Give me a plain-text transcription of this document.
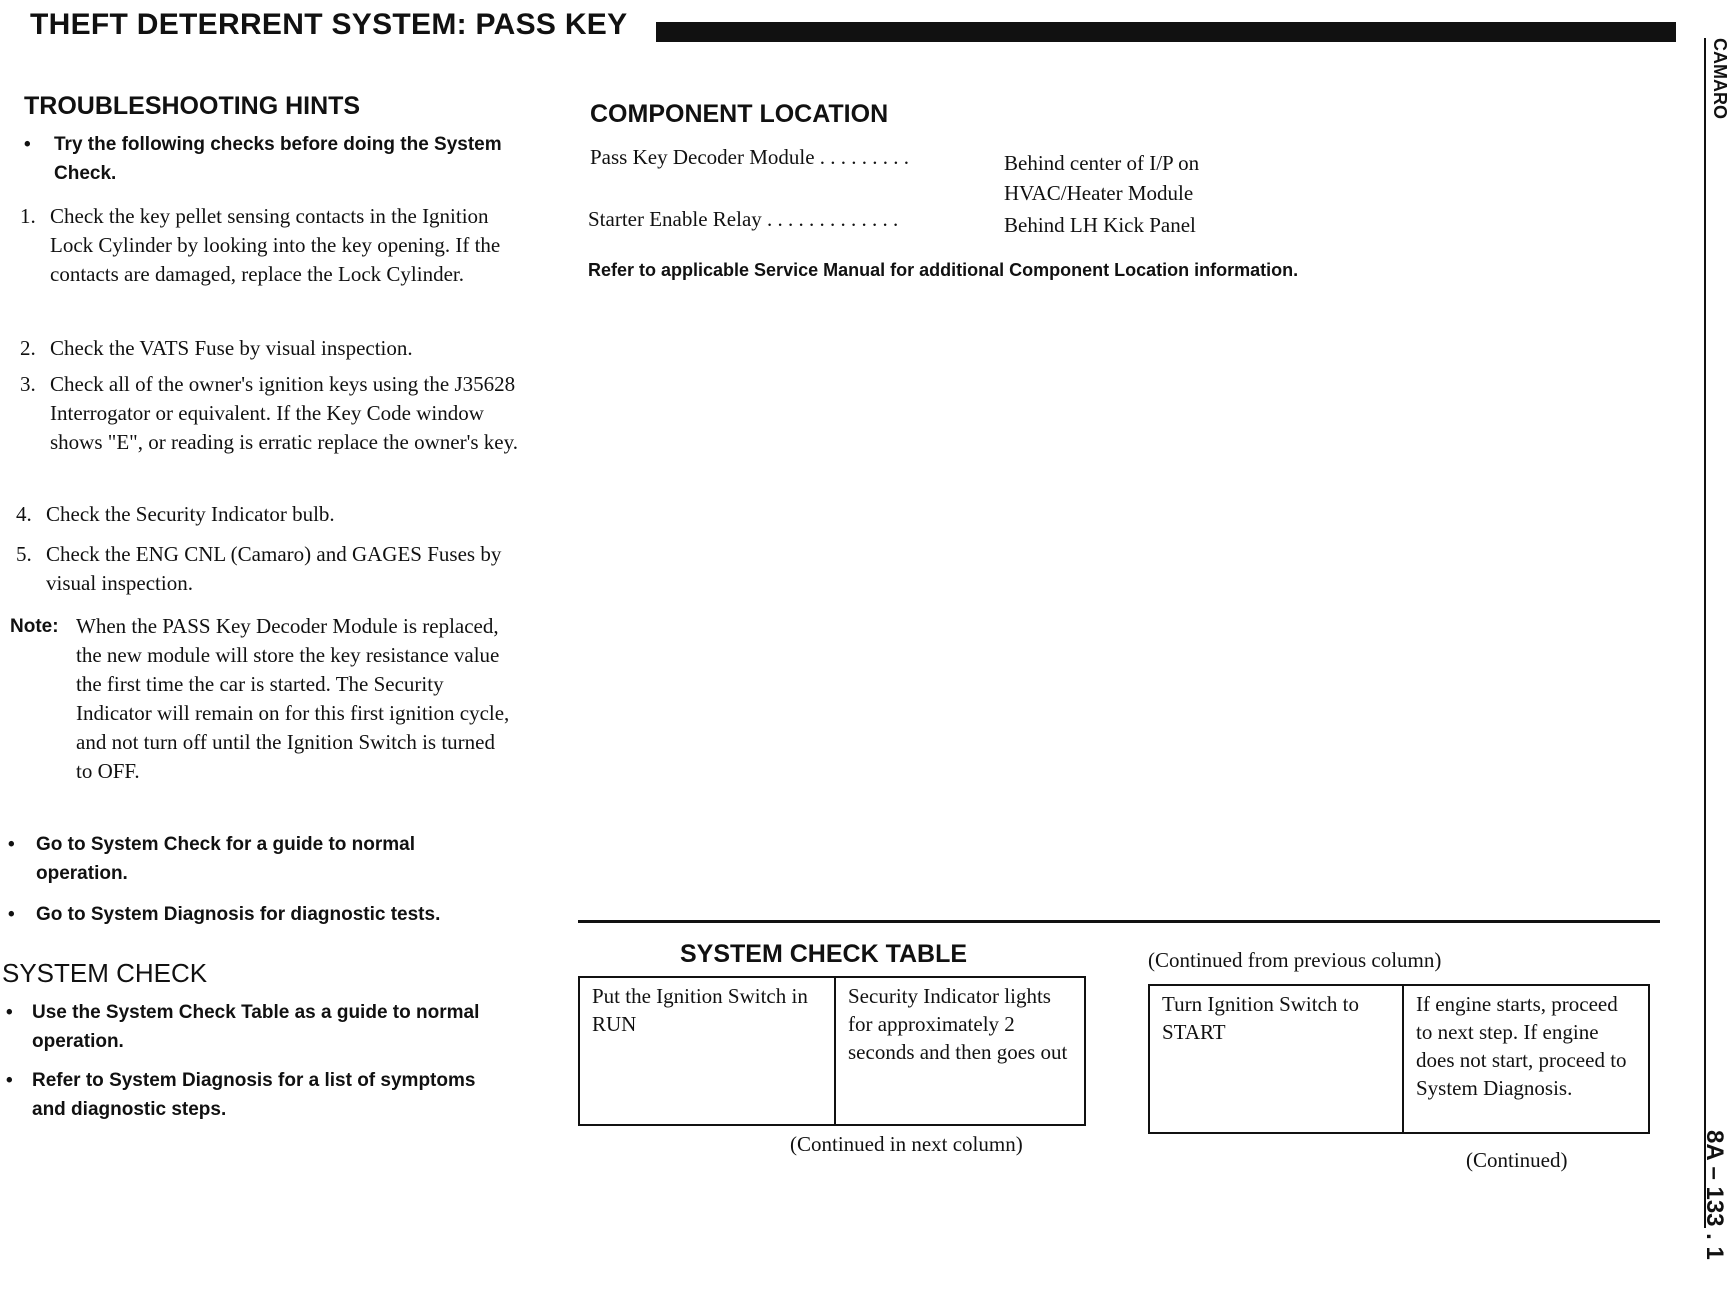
THEFT DETERRENT SYSTEM: PASS KEY
CAMARO
8A – 133 . 1
TROUBLESHOOTING HINTS
•	Try the following checks before doing the System Check.
1. Check the key pellet sensing contacts in the Ignition Lock Cylinder by looking into the key opening. If the contacts are damaged, replace the Lock Cylinder.
2. Check the VATS Fuse by visual inspection.
3. Check all of the owner's ignition keys using the J35628 Interrogator or equivalent. If the Key Code window shows "E", or reading is erratic replace the owner's key.
4. Check the Security Indicator bulb.
5. Check the ENG CNL (Camaro) and GAGES Fuses by visual inspection.
Note: When the PASS Key Decoder Module is replaced, the new module will store the key resistance value the first time the car is started. The Security Indicator will remain on for this first ignition cycle, and not turn off until the Ignition Switch is turned to OFF.
•	Go to System Check for a guide to normal operation.
•	Go to System Diagnosis for diagnostic tests.
SYSTEM CHECK
•	Use the System Check Table as a guide to normal operation.
•	Refer to System Diagnosis for a list of symptoms and diagnostic steps.
COMPONENT LOCATION
Pass Key Decoder Module . . . . . . . . .	Behind center of I/P on HVAC/Heater Module
Starter Enable Relay . . . . . . . . . . . . .	Behind LH Kick Panel
Refer to applicable Service Manual for additional Component Location information.
SYSTEM CHECK TABLE
Put the Ignition Switch in RUN	Security Indicator lights for approximately 2 seconds and then goes out
(Continued in next column)
(Continued from previous column)
Turn Ignition Switch to START	If engine starts, proceed to next step. If engine does not start, proceed to System Diagnosis.
(Continued)
